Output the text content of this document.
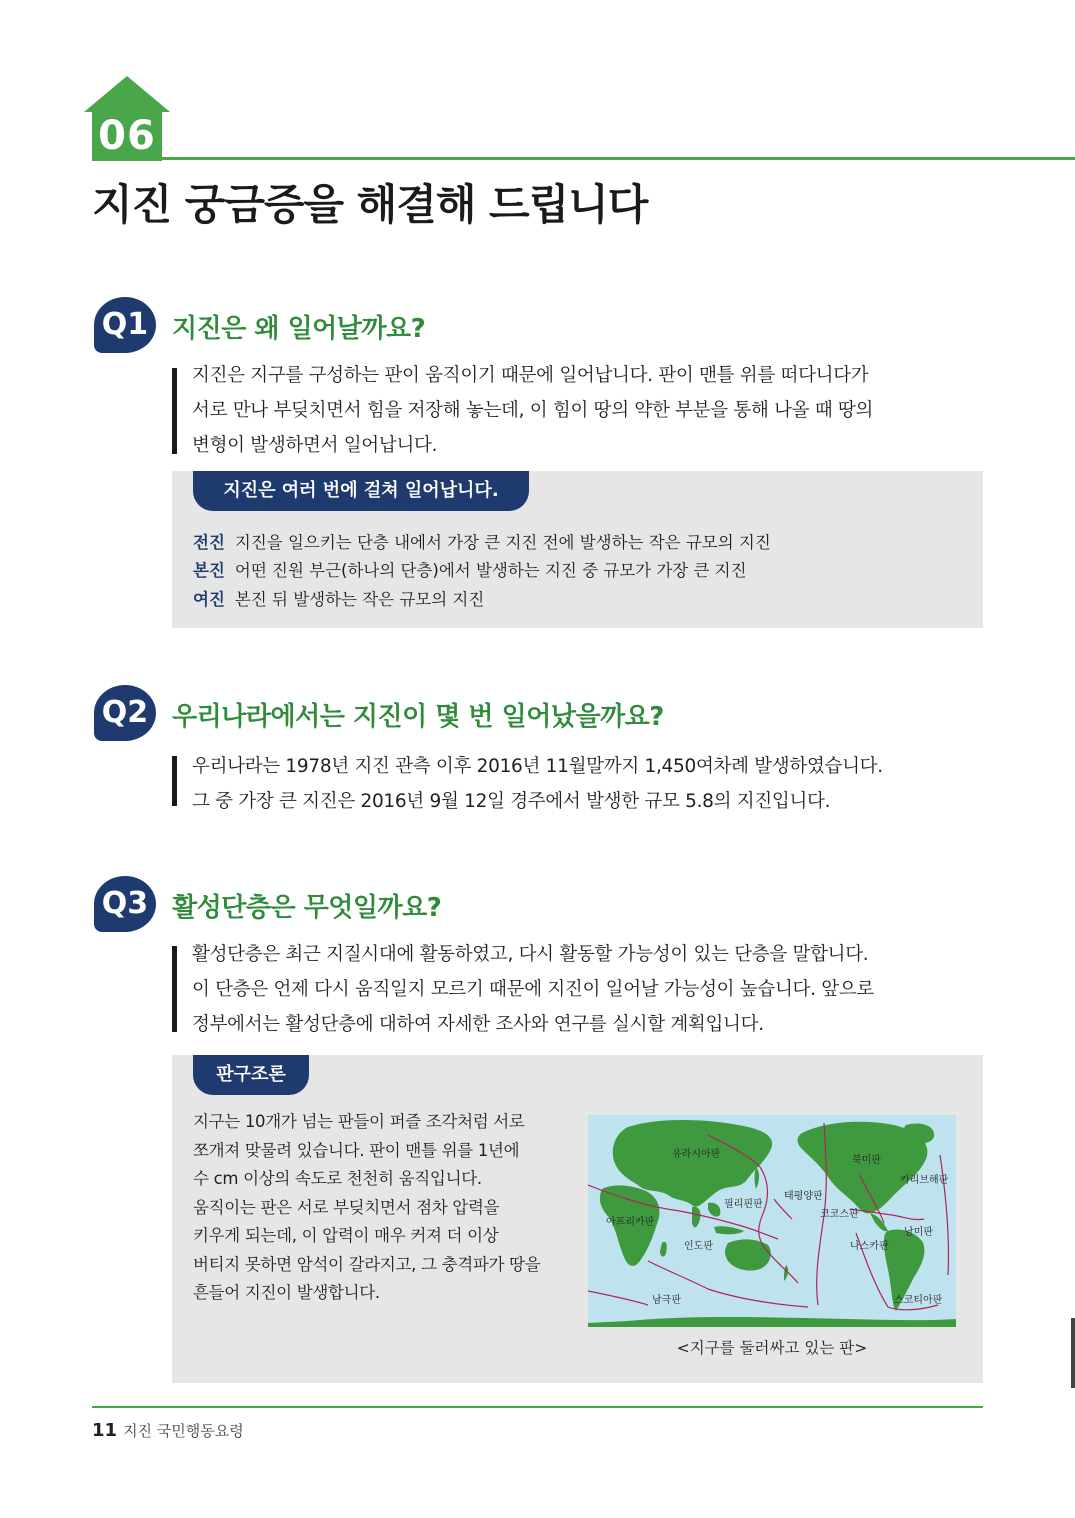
06
지진 궁금증을 해결해 드립니다
Q1 지진은 왜 일어날까요?
지진은 지구를 구성하는 판이 움직이기 때문에 일어납니다. 판이 맨틀 위를 떠다니다가
서로 만나 부딪치면서 힘을 저장해 놓는데, 이 힘이 땅의 약한 부분을 통해 나올 때 땅의
변형이 발생하면서 일어납니다.
지진은 여러 번에 걸쳐 일어납니다.
전진 지진을 일으키는 단층 내에서 가장 큰 지진 전에 발생하는 작은 규모의 지진
본진 어떤 진원 부근(하나의 단층)에서 발생하는 지진 중 규모가 가장 큰 지진
여진 본진 뒤 발생하는 작은 규모의 지진
Q2 우리나라에서는 지진이 몇 번 일어났을까요?
우리나라는 1978년 지진 관측 이후 2016년 11월말까지 1,450여차례 발생하였습니다.
그 중 가장 큰 지진은 2016년 9월 12일 경주에서 발생한 규모 5.8의 지진입니다.
Q3 활성단층은 무엇일까요?
활성단층은 최근 지질시대에 활동하였고, 다시 활동할 가능성이 있는 단층을 말합니다.
이 단층은 언제 다시 움직일지 모르기 때문에 지진이 일어날 가능성이 높습니다. 앞으로
정부에서는 활성단층에 대하여 자세한 조사와 연구를 실시할 계획입니다.
판구조론
지구는 10개가 넘는 판들이 퍼즐 조각처럼 서로
쪼개져 맞물려 있습니다. 판이 맨틀 위를 1년에
수 cm 이상의 속도로 천천히 움직입니다.
움직이는 판은 서로 부딪치면서 점차 압력을
키우게 되는데, 이 압력이 매우 커져 더 이상
버티지 못하면 암석이 갈라지고, 그 충격파가 땅을
흔들어 지진이 발생합니다.
유라시아판
북미판
카리브해판
필리핀판
태평양판
코코스판
아프리카판
인도판
남미판
나스카판
남극판	스코티아판
<지구를 둘러싸고 있는 판>
11 지진 국민행동요령
